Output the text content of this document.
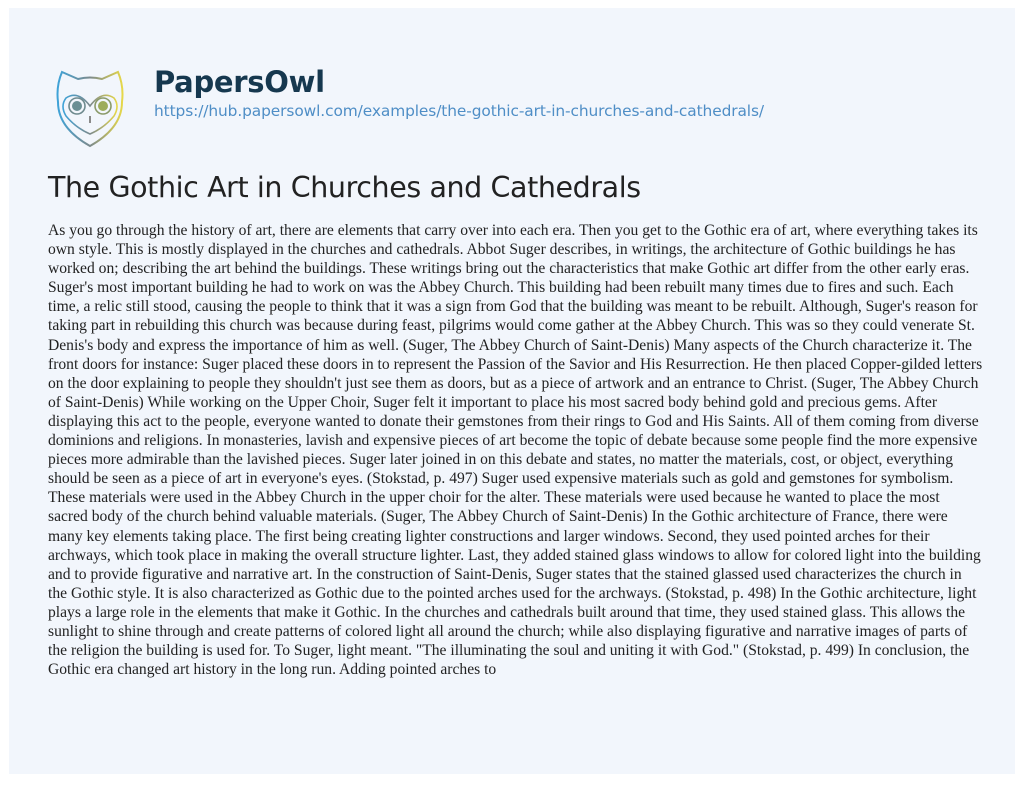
PapersOwl
https://hub.papersowl.com/examples/the-gothic-art-in-churches-and-cathedrals/
The Gothic Art in Churches and Cathedrals

As you go through the history of art, there are elements that carry over into each era. Then you get to the Gothic era of art, where everything takes its own style. This is mostly displayed in the churches and cathedrals. Abbot Suger describes, in writings, the architecture of Gothic buildings he has worked on; describing the art behind the buildings. These writings bring out the characteristics that make Gothic art differ from the other early eras. Suger's most important building he had to work on was the Abbey Church. This building had been rebuilt many times due to fires and such. Each time, a relic still stood, causing the people to think that it was a sign from God that the building was meant to be rebuilt. Although, Suger's reason for taking part in rebuilding this church was because during feast, pilgrims would come gather at the Abbey Church. This was so they could venerate St. Denis's body and express the importance of him as well. (Suger, The Abbey Church of Saint-Denis) Many aspects of the Church characterize it. The front doors for instance: Suger placed these doors in to represent the Passion of the Savior and His Resurrection. He then placed Copper-gilded letters on the door explaining to people they shouldn't just see them as doors, but as a piece of artwork and an entrance to Christ. (Suger, The Abbey Church of Saint-Denis) While working on the Upper Choir, Suger felt it important to place his most sacred body behind gold and precious gems. After displaying this act to the people, everyone wanted to donate their gemstones from their rings to God and His Saints. All of them coming from diverse dominions and religions. In monasteries, lavish and expensive pieces of art become the topic of debate because some people find the more expensive pieces more admirable than the lavished pieces. Suger later joined in on this debate and states, no matter the materials, cost, or object, everything should be seen as a piece of art in everyone's eyes. (Stokstad, p. 497) Suger used expensive materials such as gold and gemstones for symbolism. These materials were used in the Abbey Church in the upper choir for the alter. These materials were used because he wanted to place the most sacred body of the church behind valuable materials. (Suger, The Abbey Church of Saint-Denis) In the Gothic architecture of France, there were many key elements taking place. The first being creating lighter constructions and larger windows. Second, they used pointed arches for their archways, which took place in making the overall structure lighter. Last, they added stained glass windows to allow for colored light into the building and to provide figurative and narrative art. In the construction of Saint-Denis, Suger states that the stained glassed used characterizes the church in the Gothic style. It is also characterized as Gothic due to the pointed arches used for the archways. (Stokstad, p. 498) In the Gothic architecture, light plays a large role in the elements that make it Gothic. In the churches and cathedrals built around that time, they used stained glass. This allows the sunlight to shine through and create patterns of colored light all around the church; while also displaying figurative and narrative images of parts of the religion the building is used for. To Suger, light meant. "The illuminating the soul and uniting it with God." (Stokstad, p. 499) In conclusion, the Gothic era changed art history in the long run. Adding pointed arches to
